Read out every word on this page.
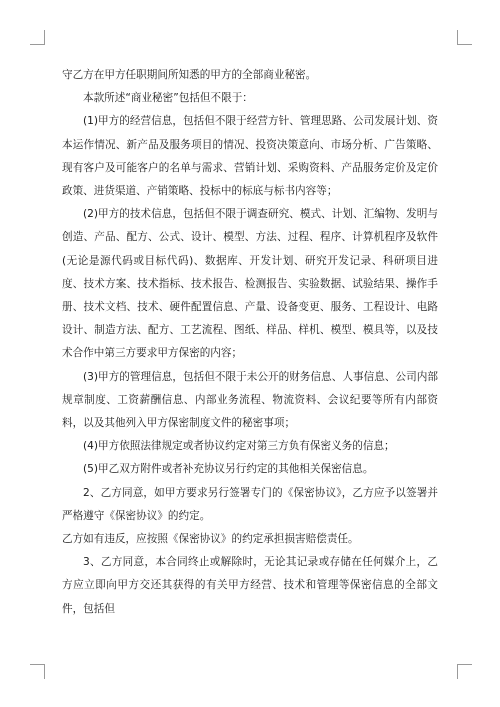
守乙方在甲方任职期间所知悉的甲方的全部商业秘密。

本款所述“商业秘密”包括但不限于：

(1)甲方的经营信息，包括但不限于经营方针、管理思路、公司发展计划、资本运作情况、新产品及服务项目的情况、投资决策意向、市场分析、广告策略、现有客户及可能客户的名单与需求、营销计划、采购资料、产品服务定价及定价政策、进货渠道、产销策略、投标中的标底与标书内容等；

(2)甲方的技术信息，包括但不限于调查研究、模式、计划、汇编物、发明与创造、产品、配方、公式、设计、模型、方法、过程、程序、计算机程序及软件(无论是源代码或目标代码)、数据库、开发计划、研究开发记录、科研项目进度、技术方案、技术指标、技术报告、检测报告、实验数据、试验结果、操作手册、技术文档、技术、硬件配置信息、产量、设备变更、服务、工程设计、电路设计、制造方法、配方、工艺流程、图纸、样品、样机、模型、模具等，以及技术合作中第三方要求甲方保密的内容；

(3)甲方的管理信息，包括但不限于未公开的财务信息、人事信息、公司内部规章制度、工资薪酬信息、内部业务流程、物流资料、会议纪要等所有内部资料，以及其他列入甲方保密制度文件的秘密事项；

(4)甲方依照法律规定或者协议约定对第三方负有保密义务的信息；

(5)甲乙双方附件或者补充协议另行约定的其他相关保密信息。

2、乙方同意，如甲方要求另行签署专门的《保密协议》，乙方应予以签署并严格遵守《保密协议》的约定。

乙方如有违反，应按照《保密协议》的约定承担损害赔偿责任。

3、乙方同意，本合同终止或解除时，无论其记录或存储在任何媒介上，乙方应立即向甲方交还其获得的有关甲方经营、技术和管理等保密信息的全部文件，包括但
